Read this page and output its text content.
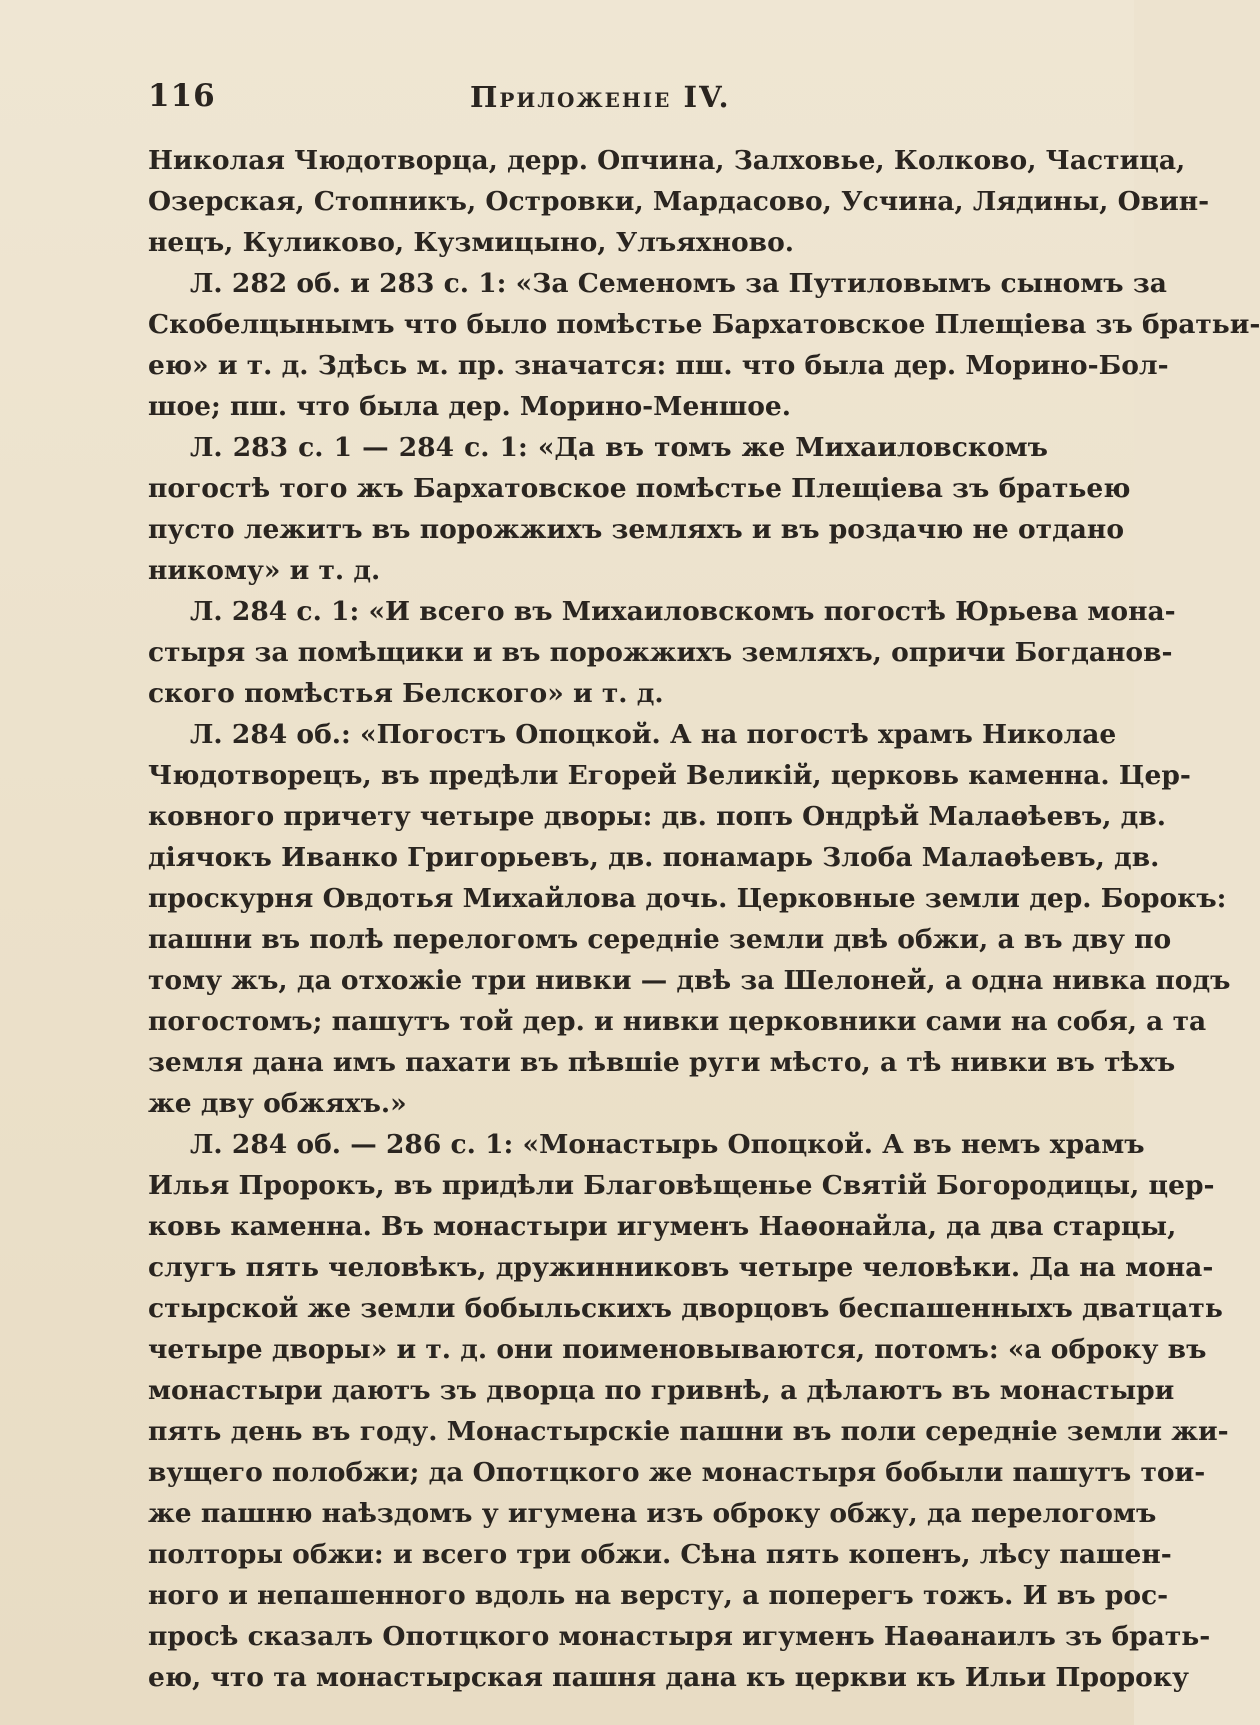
116	Приложенiе IV.
Николая Чюдотворца, дерр. Опчина, Залховье, Колково, Частица,
Озерская, Стопникъ, Островки, Мардасово, Усчина, Лядины, Овин-
нецъ, Куликово, Кузмицыно, Улъяхново.
Л. 282 об. и 283 с. 1: «За Семеномъ за Путиловымъ сыномъ за
Скобелцынымъ что было помѣстье Бархатовское Плещiева зъ братьи-
ею» и т. д. Здѣсь м. пр. значатся: пш. что была дер. Морино-Бол-
шое; пш. что была дер. Морино-Меншое.
Л. 283 с. 1 — 284 с. 1: «Да въ томъ же Михаиловскомъ
погостѣ того жъ Бархатовское помѣстье Плещiева зъ братьею
пусто лежитъ въ порожжихъ земляхъ и въ роздачю не отдано
никому» и т. д.
Л. 284 с. 1: «И всего въ Михаиловскомъ погостѣ Юрьева мона-
стыря за помѣщики и въ порожжихъ земляхъ, опричи Богданов-
ского помѣстья Белского» и т. д.
Л. 284 об.: «Погостъ Опоцкой. А на погостѣ храмъ Николае
Чюдотворецъ, въ предѣли Егорей Великiй, церковь каменна. Цер-
ковного причету четыре дворы: дв. попъ Ондрѣй Малаѳѣевъ, дв.
дiячокъ Иванко Григорьевъ, дв. понамарь Злоба Малаѳѣевъ, дв.
проскурня Овдотья Михайлова дочь. Церковные земли дер. Борокъ:
пашни въ полѣ перелогомъ середнiе земли двѣ обжи, а въ дву по
тому жъ, да отхожiе три нивки — двѣ за Шелоней, а одна нивка подъ
погостомъ; пашутъ той дер. и нивки церковники сами на собя, а та
земля дана имъ пахати въ пѣвшiе руги мѣсто, а тѣ нивки въ тѣхъ
же дву обжяхъ.»
Л. 284 об. — 286 с. 1: «Монастырь Опоцкой. А въ немъ храмъ
Илья Пророкъ, въ придѣли Благовѣщенье Святiй Богородицы, цер-
ковь каменна. Въ монастыри игуменъ Наѳонайла, да два старцы,
слугъ пять человѣкъ, дружинниковъ четыре человѣки. Да на мона-
стырской же земли бобыльскихъ дворцовъ беспашенныхъ дватцать
четыре дворы» и т. д. они поименовываются, потомъ: «а оброку въ
монастыри даютъ зъ дворца по гривнѣ, а дѣлаютъ въ монастыри
пять день въ году. Монастырскiе пашни въ поли середнiе земли жи-
вущего полобжи; да Опотцкого же монастыря бобыли пашутъ тои-
же пашню наѣздомъ у игумена изъ оброку обжу, да перелогомъ
полторы обжи: и всего три обжи. Сѣна пять копенъ, лѣсу пашен-
ного и непашенного вдоль на версту, а поперегъ тожъ. И въ рос-
просѣ сказалъ Опотцкого монастыря игуменъ Наѳанаилъ зъ брать-
ею, что та монастырская пашня дана къ церкви къ Ильи Пророку
